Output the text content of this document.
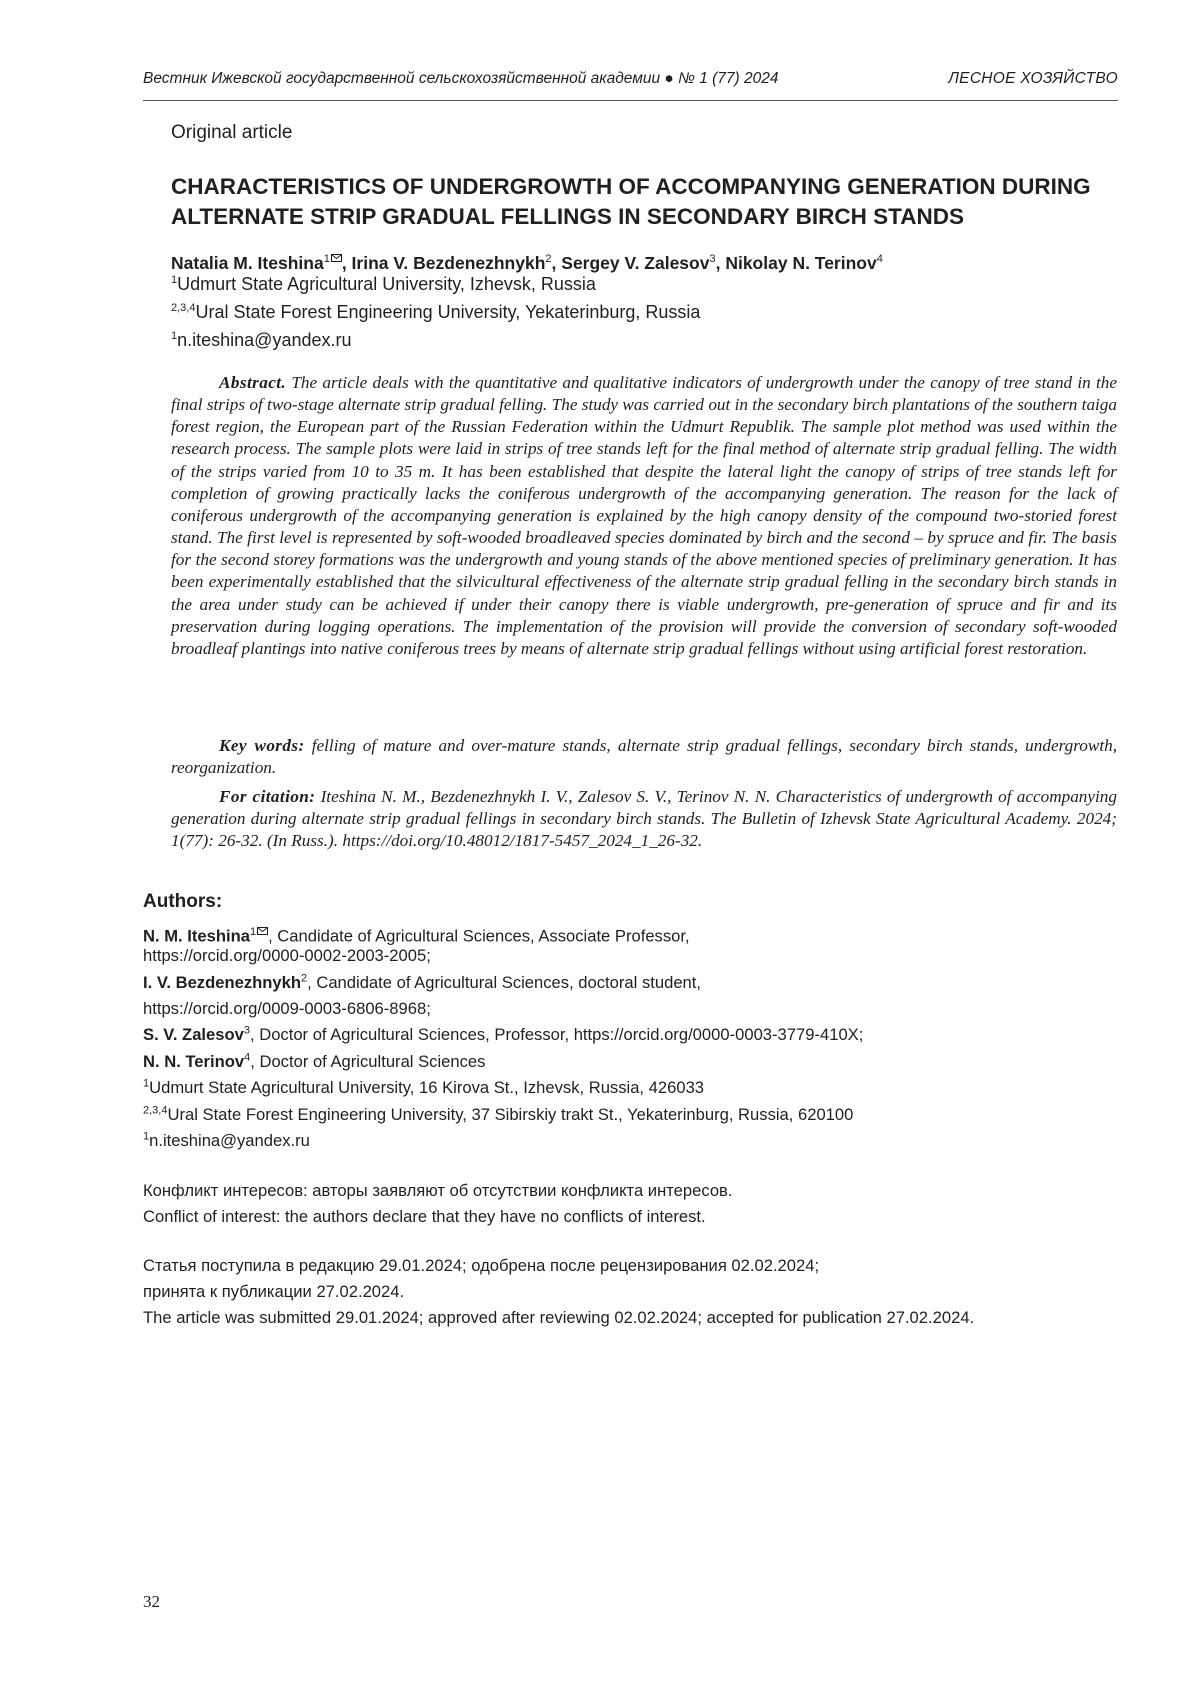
Вестник Ижевской государственной сельскохозяйственной академии ● № 1 (77) 2024	ЛЕСНОЕ ХОЗЯЙСТВО
Original article
CHARACTERISTICS OF UNDERGROWTH OF ACCOMPANYING GENERATION DURING ALTERNATE STRIP GRADUAL FELLINGS IN SECONDARY BIRCH STANDS
Natalia M. Iteshina$^1$ , Irina V. Bezdenezhnykh$^2$, Sergey V. Zalesov$^3$, Nikolay N. Terinov$^4$
$^1$Udmurt State Agricultural University, Izhevsk, Russia
$^{2,3,4}$Ural State Forest Engineering University, Yekaterinburg, Russia
$^1$n.iteshina@yandex.ru

Abstract. The article deals with the quantitative and qualitative indicators of undergrowth under the canopy of tree stand in the final strips of two-stage alternate strip gradual felling. The study was carried out in the secondary birch plantations of the southern taiga forest region, the European part of the Russian Federation within the Udmurt Republik. The sample plot method was used within the research process. The sample plots were laid in strips of tree stands left for the final method of alternate strip gradual felling. The width of the strips varied from 10 to 35 m. It has been established that despite the lateral light the canopy of strips of tree stands left for completion of growing practically lacks the coniferous undergrowth of the accompanying generation. The reason for the lack of coniferous undergrowth of the accompanying generation is explained by the high canopy density of the compound two-storied forest stand. The first level is represented by soft-wooded broadleaved species dominated by birch and the second – by spruce and fir. The basis for the second storey formations was the undergrowth and young stands of the above mentioned species of preliminary generation. It has been experimentally established that the silvicultural effectiveness of the alternate strip gradual felling in the secondary birch stands in the area under study can be achieved if under their canopy there is viable undergrowth, pre-generation of spruce and fir and its preservation during logging operations. The implementation of the provision will provide the conversion of secondary soft-wooded broadleaf plantings into native coniferous trees by means of alternate strip gradual fellings without using artificial forest restoration.

Key words: felling of mature and over-mature stands, alternate strip gradual fellings, secondary birch stands, undergrowth, reorganization.

For citation: Iteshina N. M., Bezdenezhnykh I. V., Zalesov S. V., Terinov N. N. Characteristics of undergrowth of accompanying generation during alternate strip gradual fellings in secondary birch stands. The Bulletin of Izhevsk State Agricultural Academy. 2024; 1(77): 26-32. (In Russ.). https://doi.org/10.48012/1817-5457_2024_1_26-32.

Authors:
N. M. Iteshina$^1$ , Candidate of Agricultural Sciences, Associate Professor,
https://orcid.org/0000-0002-2003-2005;
I. V. Bezdenezhnykh$^2$, Candidate of Agricultural Sciences, doctoral student,
https://orcid.org/0009-0003-6806-8968;
S. V. Zalesov$^3$, Doctor of Agricultural Sciences, Professor, https://orcid.org/0000-0003-3779-410X;
N. N. Terinov$^4$, Doctor of Agricultural Sciences
$^1$Udmurt State Agricultural University, 16 Kirova St., Izhevsk, Russia, 426033
$^{2,3,4}$Ural State Forest Engineering University, 37 Sibirskiy trakt St., Yekaterinburg, Russia, 620100
$^1$n.iteshina@yandex.ru
Конфликт интересов: авторы заявляют об отсутствии конфликта интересов.
Conflict of interest: the authors declare that they have no conflicts of interest.
Статья поступила в редакцию 29.01.2024; одобрена после рецензирования 02.02.2024;
принята к публикации 27.02.2024.
The article was submitted 29.01.2024; approved after reviewing 02.02.2024; accepted for publication 27.02.2024.
32
